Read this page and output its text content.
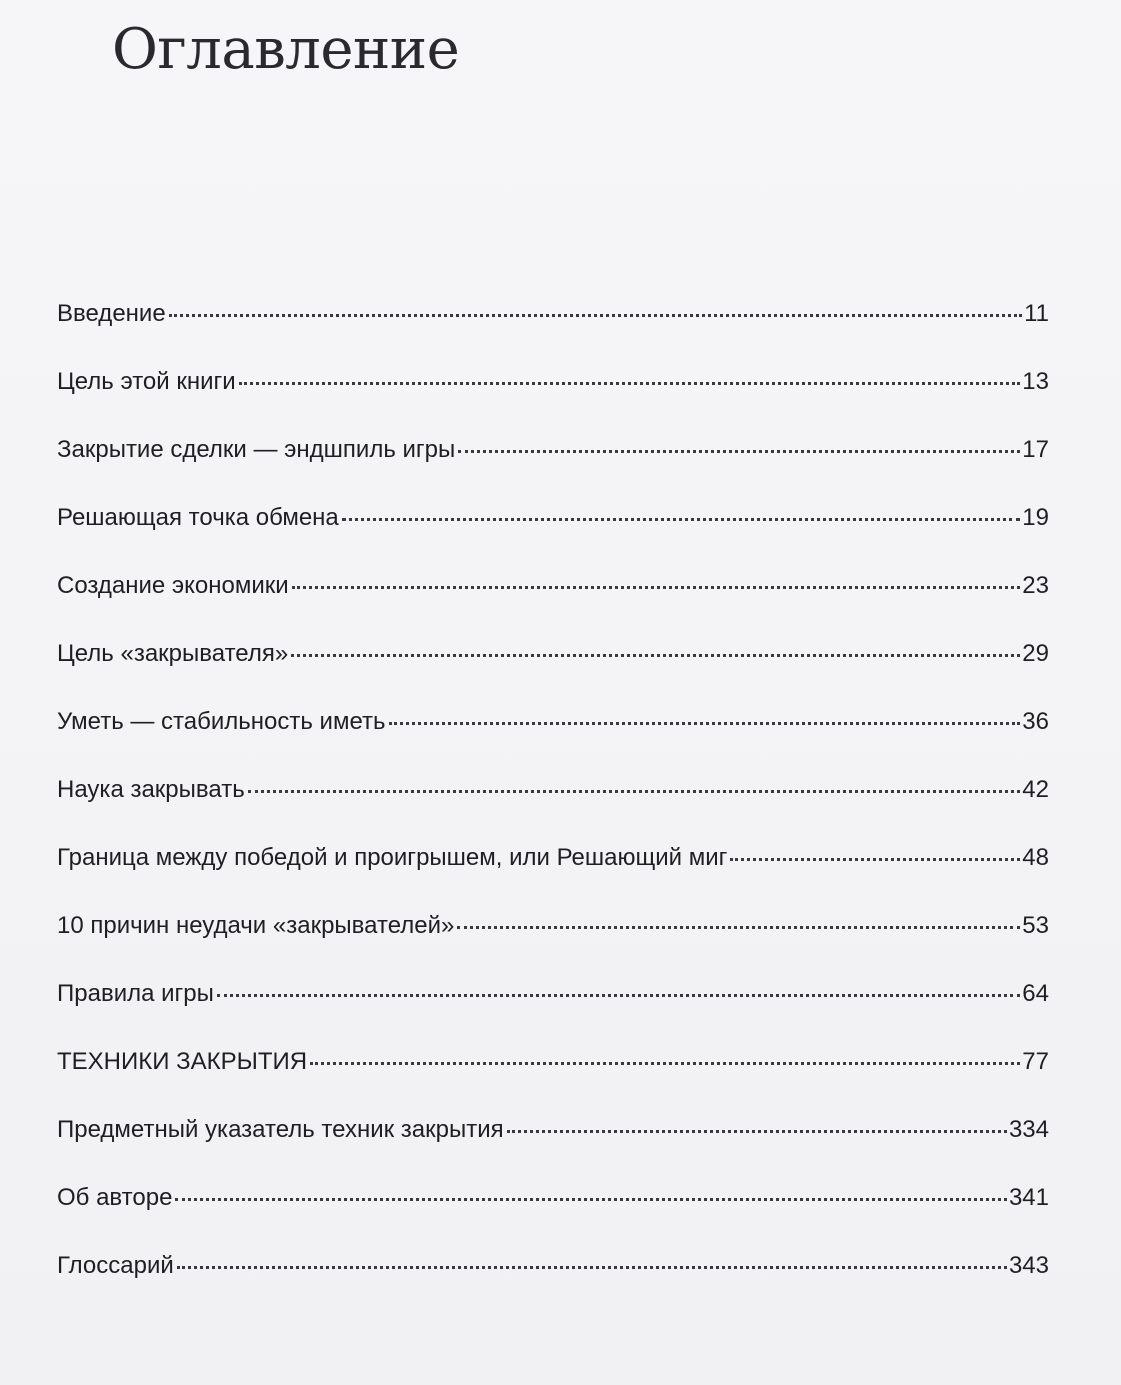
Оглавление
Введение	11
Цель этой книги	13
Закрытие сделки — эндшпиль игры	17
Решающая точка обмена	19
Создание экономики	23
Цель «закрывателя»	29
Уметь — стабильность иметь	36
Наука закрывать	42
Граница между победой и проигрышем, или Решающий миг	48
10 причин неудачи «закрывателей»	53
Правила игры	64
ТЕХНИКИ ЗАКРЫТИЯ	77
Предметный указатель техник закрытия	334
Об авторе	341
Глоссарий	343
